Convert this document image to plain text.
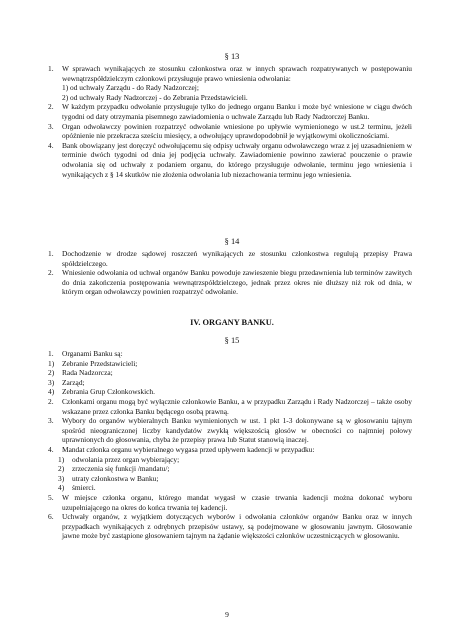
§ 13
1. W sprawach wynikających ze stosunku członkostwa oraz w innych sprawach rozpatrywanych w postępowaniu wewnątrzspółdzielczym członkowi przysługuje prawo wniesienia odwołania:
1) od uchwały Zarządu - do Rady Nadzorczej;
2) od uchwały Rady Nadzorczej - do Zebrania Przedstawicieli.
2. W każdym przypadku odwołanie przysługuje tylko do jednego organu Banku i może być wniesione w ciągu dwóch tygodni od daty otrzymania pisemnego zawiadomienia o uchwale Zarządu lub Rady Nadzorczej Banku.
3. Organ odwoławczy powinien rozpatrzyć odwołanie wniesione po upływie wymienionego w ust.2 terminu, jeżeli opóźnienie nie przekracza sześciu miesięcy, a odwołujący uprawdopodobnił je wyjątkowymi okolicznościami.
4. Bank obowiązany jest doręczyć odwołującemu się odpisy uchwały organu odwoławczego wraz z jej uzasadnieniem w terminie dwóch tygodni od dnia jej podjęcia uchwały. Zawiadomienie powinno zawierać pouczenie o prawie odwołania się od uchwały z podaniem organu, do którego przysługuje odwołanie, terminu jego wniesienia i wynikających z § 14 skutków nie złożenia odwołania lub niezachowania terminu jego wniesienia.
§ 14
1. Dochodzenie w drodze sądowej roszczeń wynikających ze stosunku członkostwa regulują przepisy Prawa spółdzielczego.
2. Wniesienie odwołania od uchwał organów Banku powoduje zawieszenie biegu przedawnienia lub terminów zawitych do dnia zakończenia postępowania wewnątrzspółdzielczego, jednak przez okres nie dłuższy niż rok od dnia, w którym organ odwoławczy powinien rozpatrzyć odwołanie.
IV. ORGANY BANKU.
§ 15
1. Organami Banku są:
1) Zebranie Przedstawicieli;
2) Rada Nadzorcza;
3) Zarząd;
4) Zebrania Grup Członkowskich.
2. Członkami organu mogą być wyłącznie członkowie Banku, a w przypadku Zarządu i Rady Nadzorczej – także osoby wskazane przez członka Banku będącego osobą prawną.
3. Wybory do organów wybieralnych Banku wymienionych w ust. 1 pkt 1-3 dokonywane są w głosowaniu tajnym spośród nieograniczonej liczby kandydatów zwykłą większością głosów w obecności co najmniej połowy uprawnionych do głosowania, chyba że przepisy prawa lub Statut stanowią inaczej.
4. Mandat członka organu wybieralnego wygasa przed upływem kadencji w przypadku:
1) odwołania przez organ wybierający;
2) zrzeczenia się funkcji /mandatu/;
3) utraty członkostwa w Banku;
4) śmierci.
5. W miejsce członka organu, którego mandat wygasł w czasie trwania kadencji można dokonać wyboru uzupełniającego na okres do końca trwania tej kadencji.
6. Uchwały organów, z wyjątkiem dotyczących wyborów i odwołania członków organów Banku oraz w innych przypadkach wynikających z odrębnych przepisów ustawy, są podejmowane w głosowaniu jawnym. Głosowanie jawne może być zastąpione głosowaniem tajnym na żądanie większości członków uczestniczących w głosowaniu.
9
